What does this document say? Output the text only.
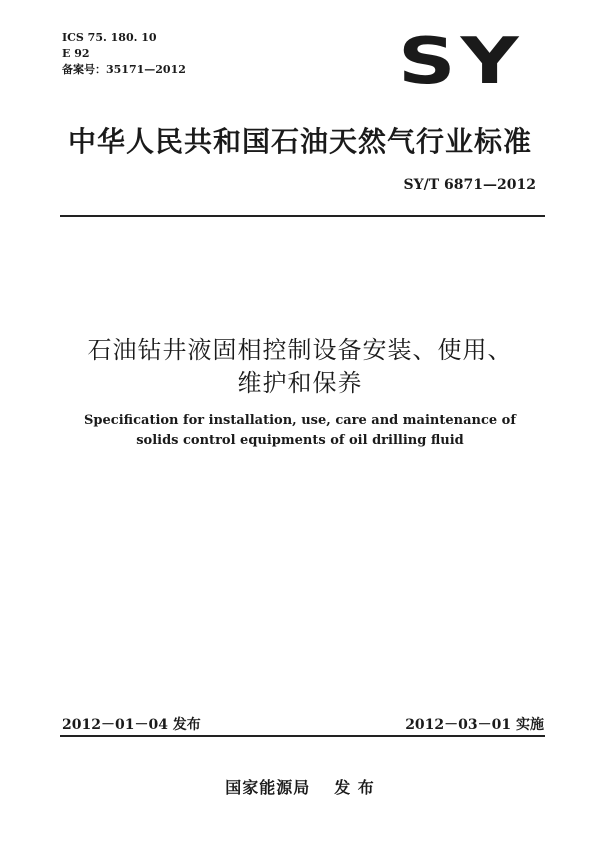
ICS 75. 180. 10
E 92
备案号：35171—2012	SY
中华人民共和国石油天然气行业标准
SY/T 6871—2012
石油钻井液固相控制设备安装、使用、
维护和保养
Specification for installation, use, care and maintenance of
solids control equipments of oil drilling fluid
2012－01－04 发布	2012－03－01 实施
国家能源局 发 布
